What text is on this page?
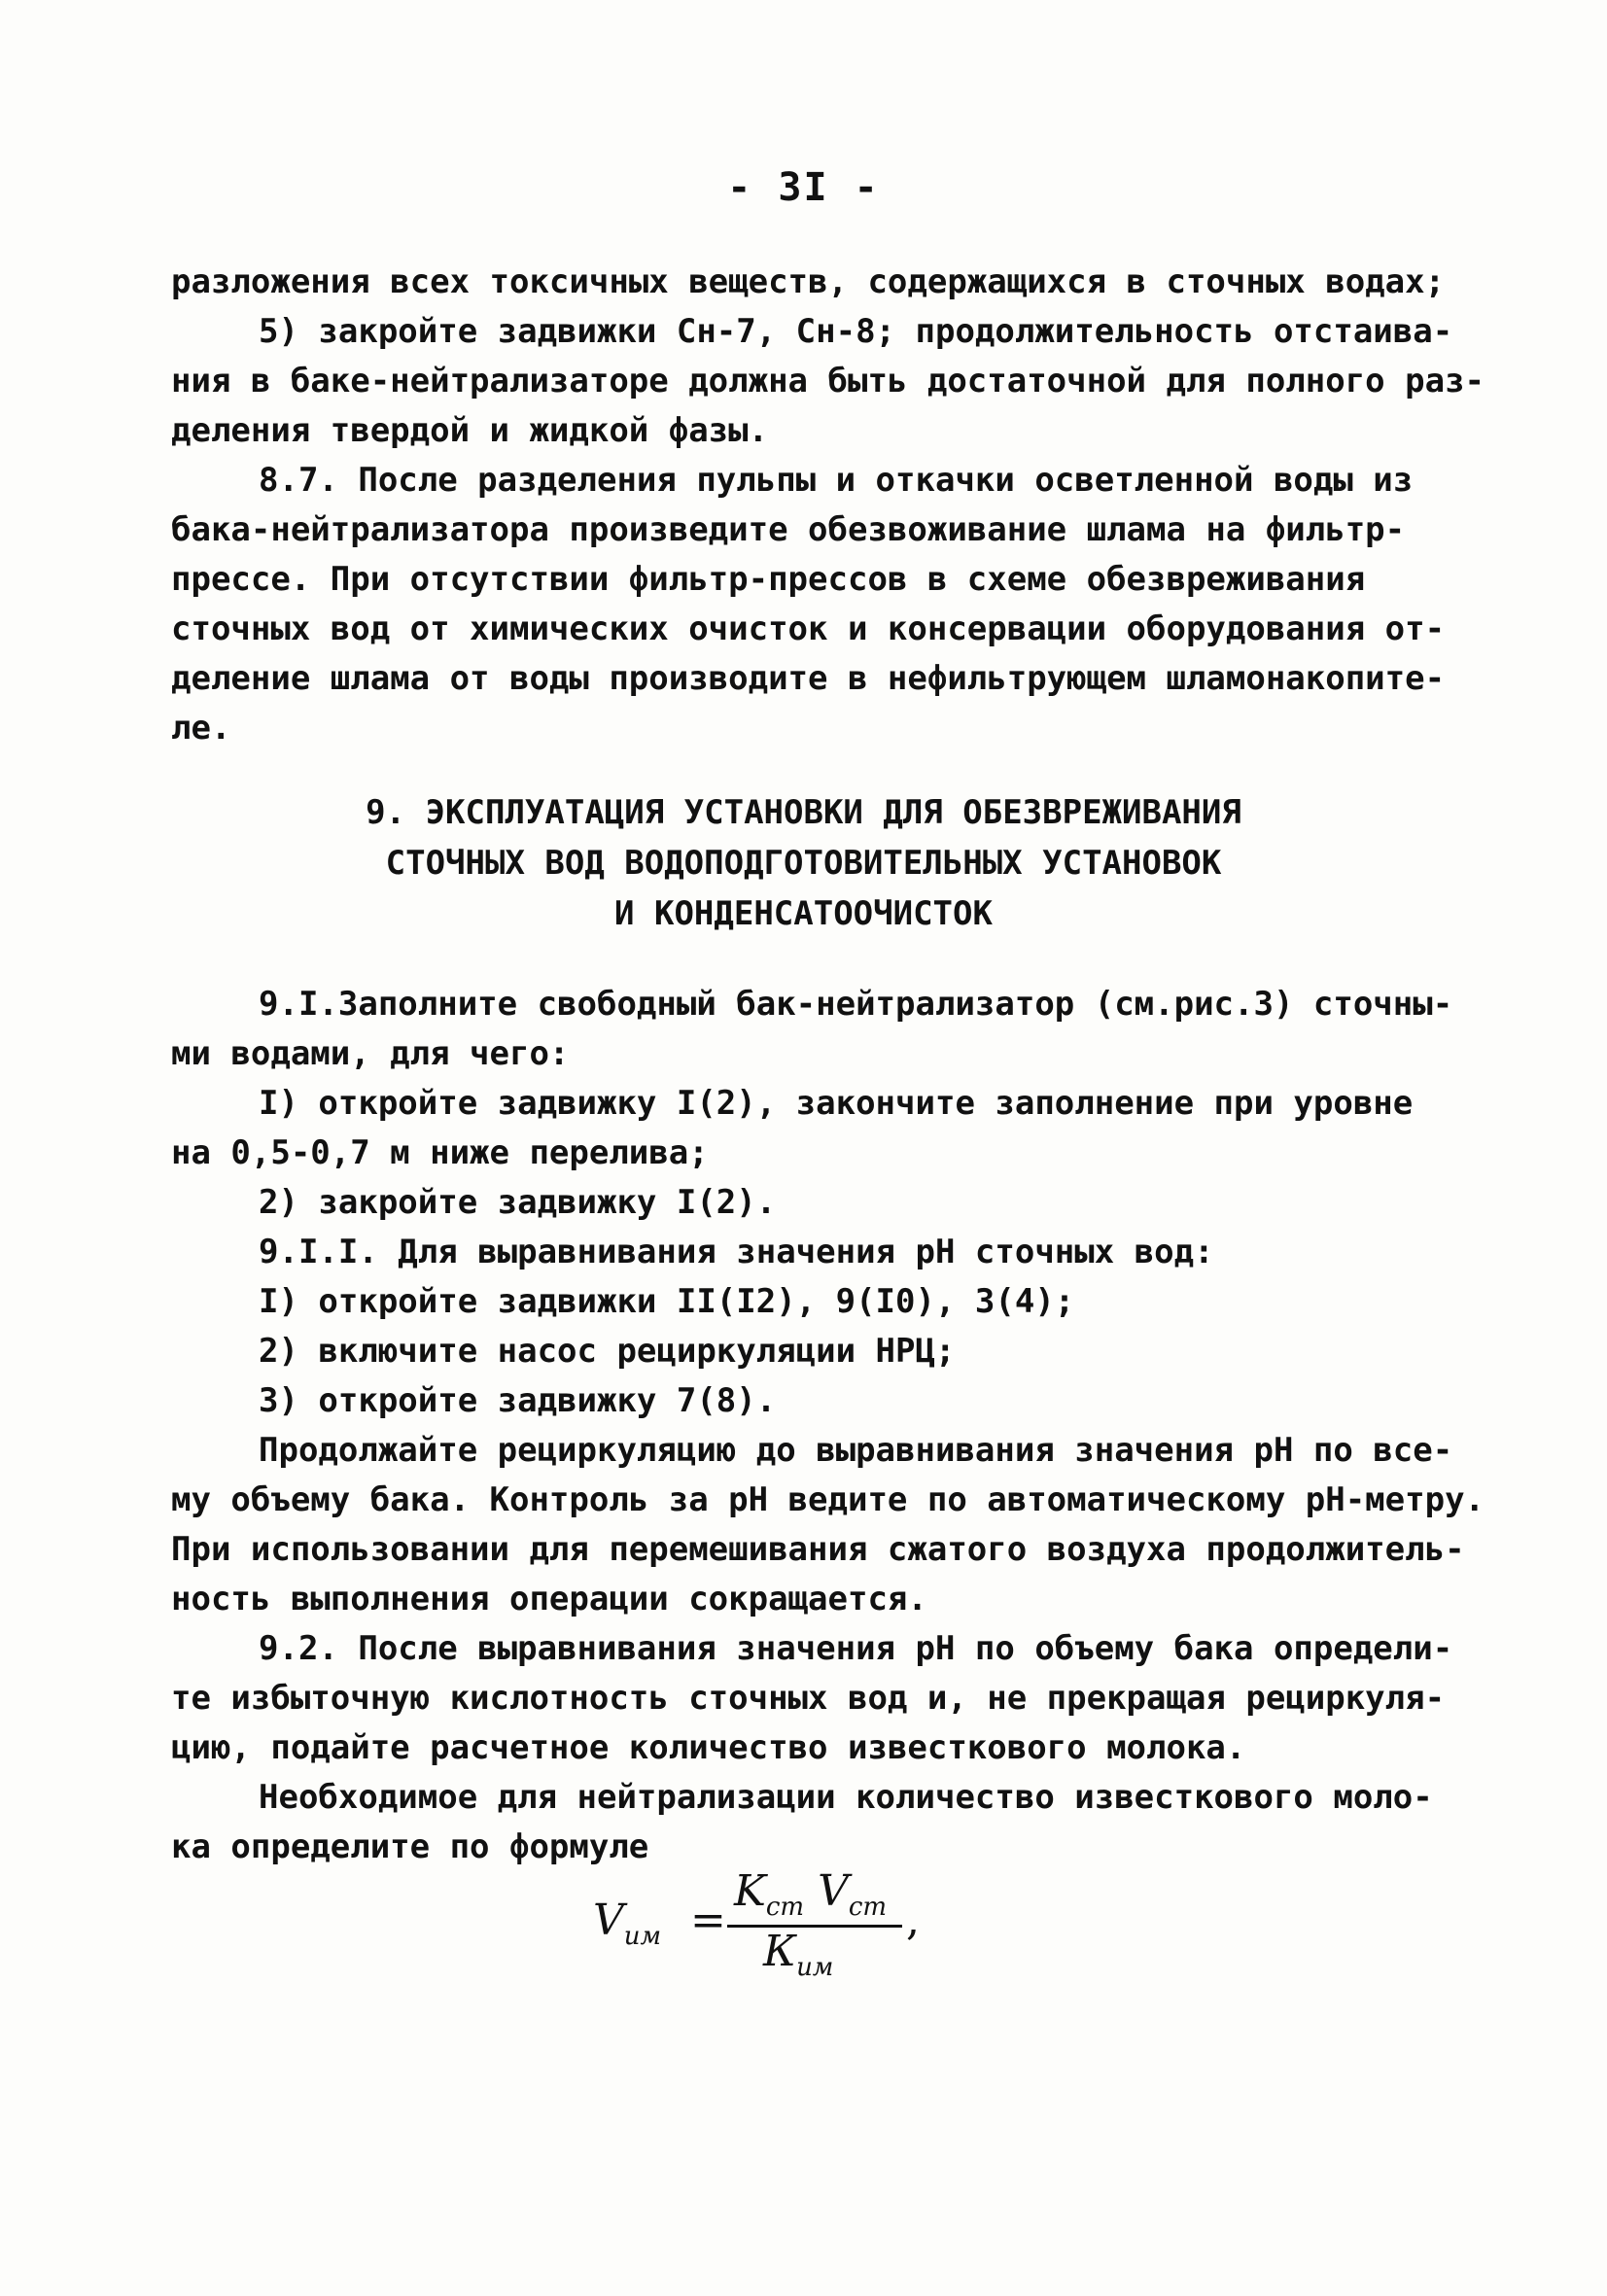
- 3I -
разложения всех токсичных веществ, содержащихся в сточных водах;
5) закройте задвижки Сн-7, Сн-8; продолжительность отстаива-
ния в баке-нейтрализаторе должна быть достаточной для полного раз-
деления твердой и жидкой фазы.
8.7. После разделения пульпы и откачки осветленной воды из
бака-нейтрализатора произведите обезвоживание шлама на фильтр-
прессе. При отсутствии фильтр-прессов в схеме обезвреживания
сточных вод от химических очисток и консервации оборудования от-
деление шлама от воды производите в нефильтрующем шламонакопите-
ле.
9. ЭКСПЛУАТАЦИЯ УСТАНОВКИ ДЛЯ ОБЕЗВРЕЖИВАНИЯ
СТОЧНЫХ ВОД ВОДОПОДГОТОВИТЕЛЬНЫХ УСТАНОВОК
И КОНДЕНСАТООЧИСТОК
9.I.Заполните свободный бак-нейтрализатор (см.рис.3) сточны-
ми водами, для чего:
I) откройте задвижку I(2), закончите заполнение при уровне
на 0,5-0,7 м ниже перелива;
2) закройте задвижку I(2).
9.I.I. Для выравнивания значения рН сточных вод:
I) откройте задвижки II(I2), 9(I0), 3(4);
2) включите насос рециркуляции НРЦ;
3) откройте задвижку 7(8).
Продолжайте рециркуляцию до выравнивания значения рН по все-
му объему бака. Контроль за рН ведите по автоматическому рН-метру.
При использовании для перемешивания сжатого воздуха продолжитель-
ность выполнения операции сокращается.
9.2. После выравнивания значения рН по объему бака определи-
те избыточную кислотность сточных вод и, не прекращая рециркуля-
цию, подайте расчетное количество известкового молока.
Необходимое для нейтрализации количество известкового моло-
ка определите по формуле
$V_{им}$ =
$K_{ст}$ $V_{ст}$
$К_{им}$
,
